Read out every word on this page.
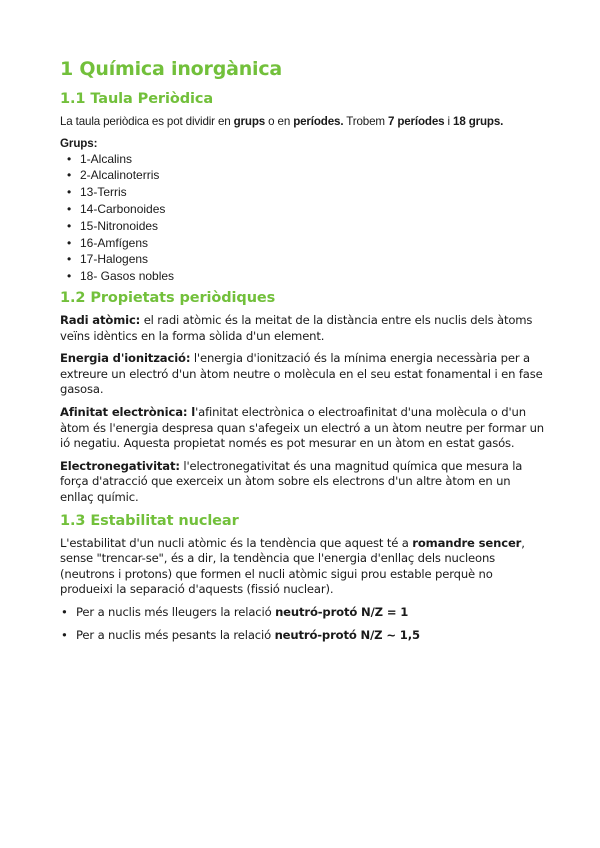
1 Química inorgànica
1.1 Taula Periòdica

La taula periòdica es pot dividir en grups o en períodes. Trobem 7 períodes i 18 grups.

Grups:
• 1-Alcalins
• 2-Alcalinoterris
• 13-Terris
• 14-Carbonoides
• 15-Nitronoides
• 16-Amfígens
• 17-Halogens
• 18- Gasos nobles
1.2 Propietats periòdiques

Radi atòmic: el radi atòmic és la meitat de la distància entre els nuclis dels àtoms veïns idèntics en la forma sòlida d'un element.

Energia d'ionització: l'energia d'ionització és la mínima energia necessària per a extreure un electró d'un àtom neutre o molècula en el seu estat fonamental i en fase gasosa.

Afinitat electrònica: l'afinitat electrònica o electroafinitat d'una molècula o d'un àtom és l'energia despresa quan s'afegeix un electró a un àtom neutre per formar un ió negatiu. Aquesta propietat només es pot mesurar en un àtom en estat gasós.

Electronegativitat: l'electronegativitat és una magnitud química que mesura la força d'atracció que exerceix un àtom sobre els electrons d'un altre àtom en un enllaç químic.

1.3 Estabilitat nuclear

L'estabilitat d'un nucli atòmic és la tendència que aquest té a romandre sencer, sense "trencar-se", és a dir, la tendència que l'energia d'enllaç dels nucleons (neutrons i protons) que formen el nucli atòmic sigui prou estable perquè no produeixi la separació d'aquests (fissió nuclear).

• Per a nuclis més lleugers la relació neutró-protó N/Z = 1
• Per a nuclis més pesants la relació neutró-protó N/Z ~ 1,5
